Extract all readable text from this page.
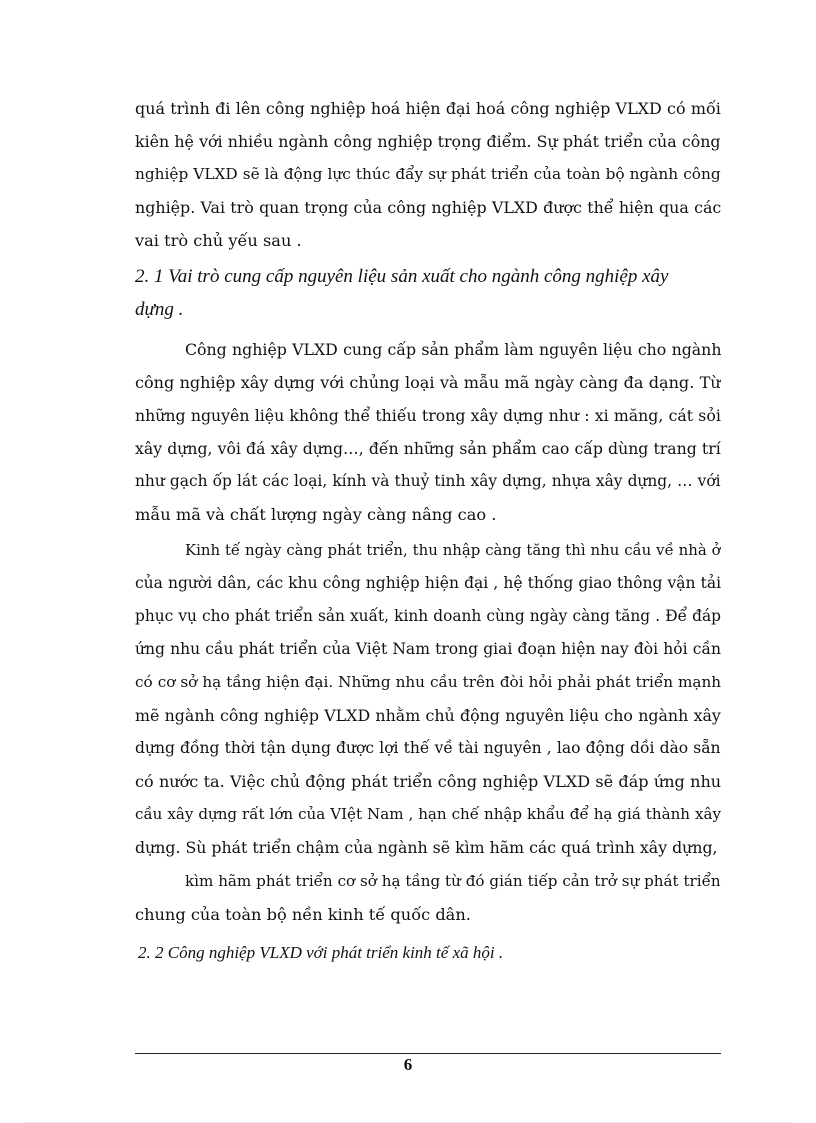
quá trình đi lên công nghiệp hoá hiện đại hoá công nghiệp VLXD có mối
kiên hệ với nhiều ngành công nghiệp trọng điểm. Sự phát triển của công
nghiệp VLXD sẽ là động lực thúc đẩy sự phát triển của toàn bộ ngành công
nghiệp. Vai trò quan trọng của công nghiệp VLXD được thể hiện qua các
vai trò chủ yếu sau .
2. 1 Vai trò cung cấp nguyên liệu sản xuất cho ngành công nghiệp xây
dựng .
Công nghiệp VLXD cung cấp sản phẩm làm nguyên liệu cho ngành
công nghiệp xây dựng với chủng loại và mẫu mã ngày càng đa dạng. Từ
những nguyên liệu không thể thiếu trong xây dựng như : xi măng, cát sỏi
xây dựng, vôi đá xây dựng…, đến những sản phẩm cao cấp dùng trang trí
như gạch ốp lát các loại, kính và thuỷ tinh xây dựng, nhựa xây dựng, … với
mẫu mã và chất lượng ngày càng nâng cao .
Kinh tế ngày càng phát triển, thu nhập càng tăng thì nhu cầu về nhà ở
của người dân, các khu công nghiệp hiện đại , hệ thống giao thông vận tải
phục vụ cho phát triển sản xuất, kinh doanh cùng ngày càng tăng . Để đáp
ứng nhu cầu phát triển của Việt Nam trong giai đoạn hiện nay đòi hỏi cần
có cơ sở hạ tầng hiện đại. Những nhu cầu trên đòi hỏi phải phát triển mạnh
mẽ ngành công nghiệp VLXD nhằm chủ động nguyên liệu cho ngành xây
dựng đồng thời tận dụng được lợi thế về tài nguyên , lao động dồi dào sẵn
có nước ta. Việc chủ động phát triển công nghiệp VLXD sẽ đáp ứng nhu
cầu xây dựng rất lớn của VIệt Nam , hạn chế nhập khẩu để hạ giá thành xây
dựng. Sù phát triển chậm của ngành sẽ kìm hãm các quá trình xây dựng,
kìm hãm phát triển cơ sở hạ tầng từ đó gián tiếp cản trở sự phát triển
chung của toàn bộ nền kinh tế quốc dân.
2. 2 Công nghiệp VLXD với phát triển kinh tế xã hội .
6
